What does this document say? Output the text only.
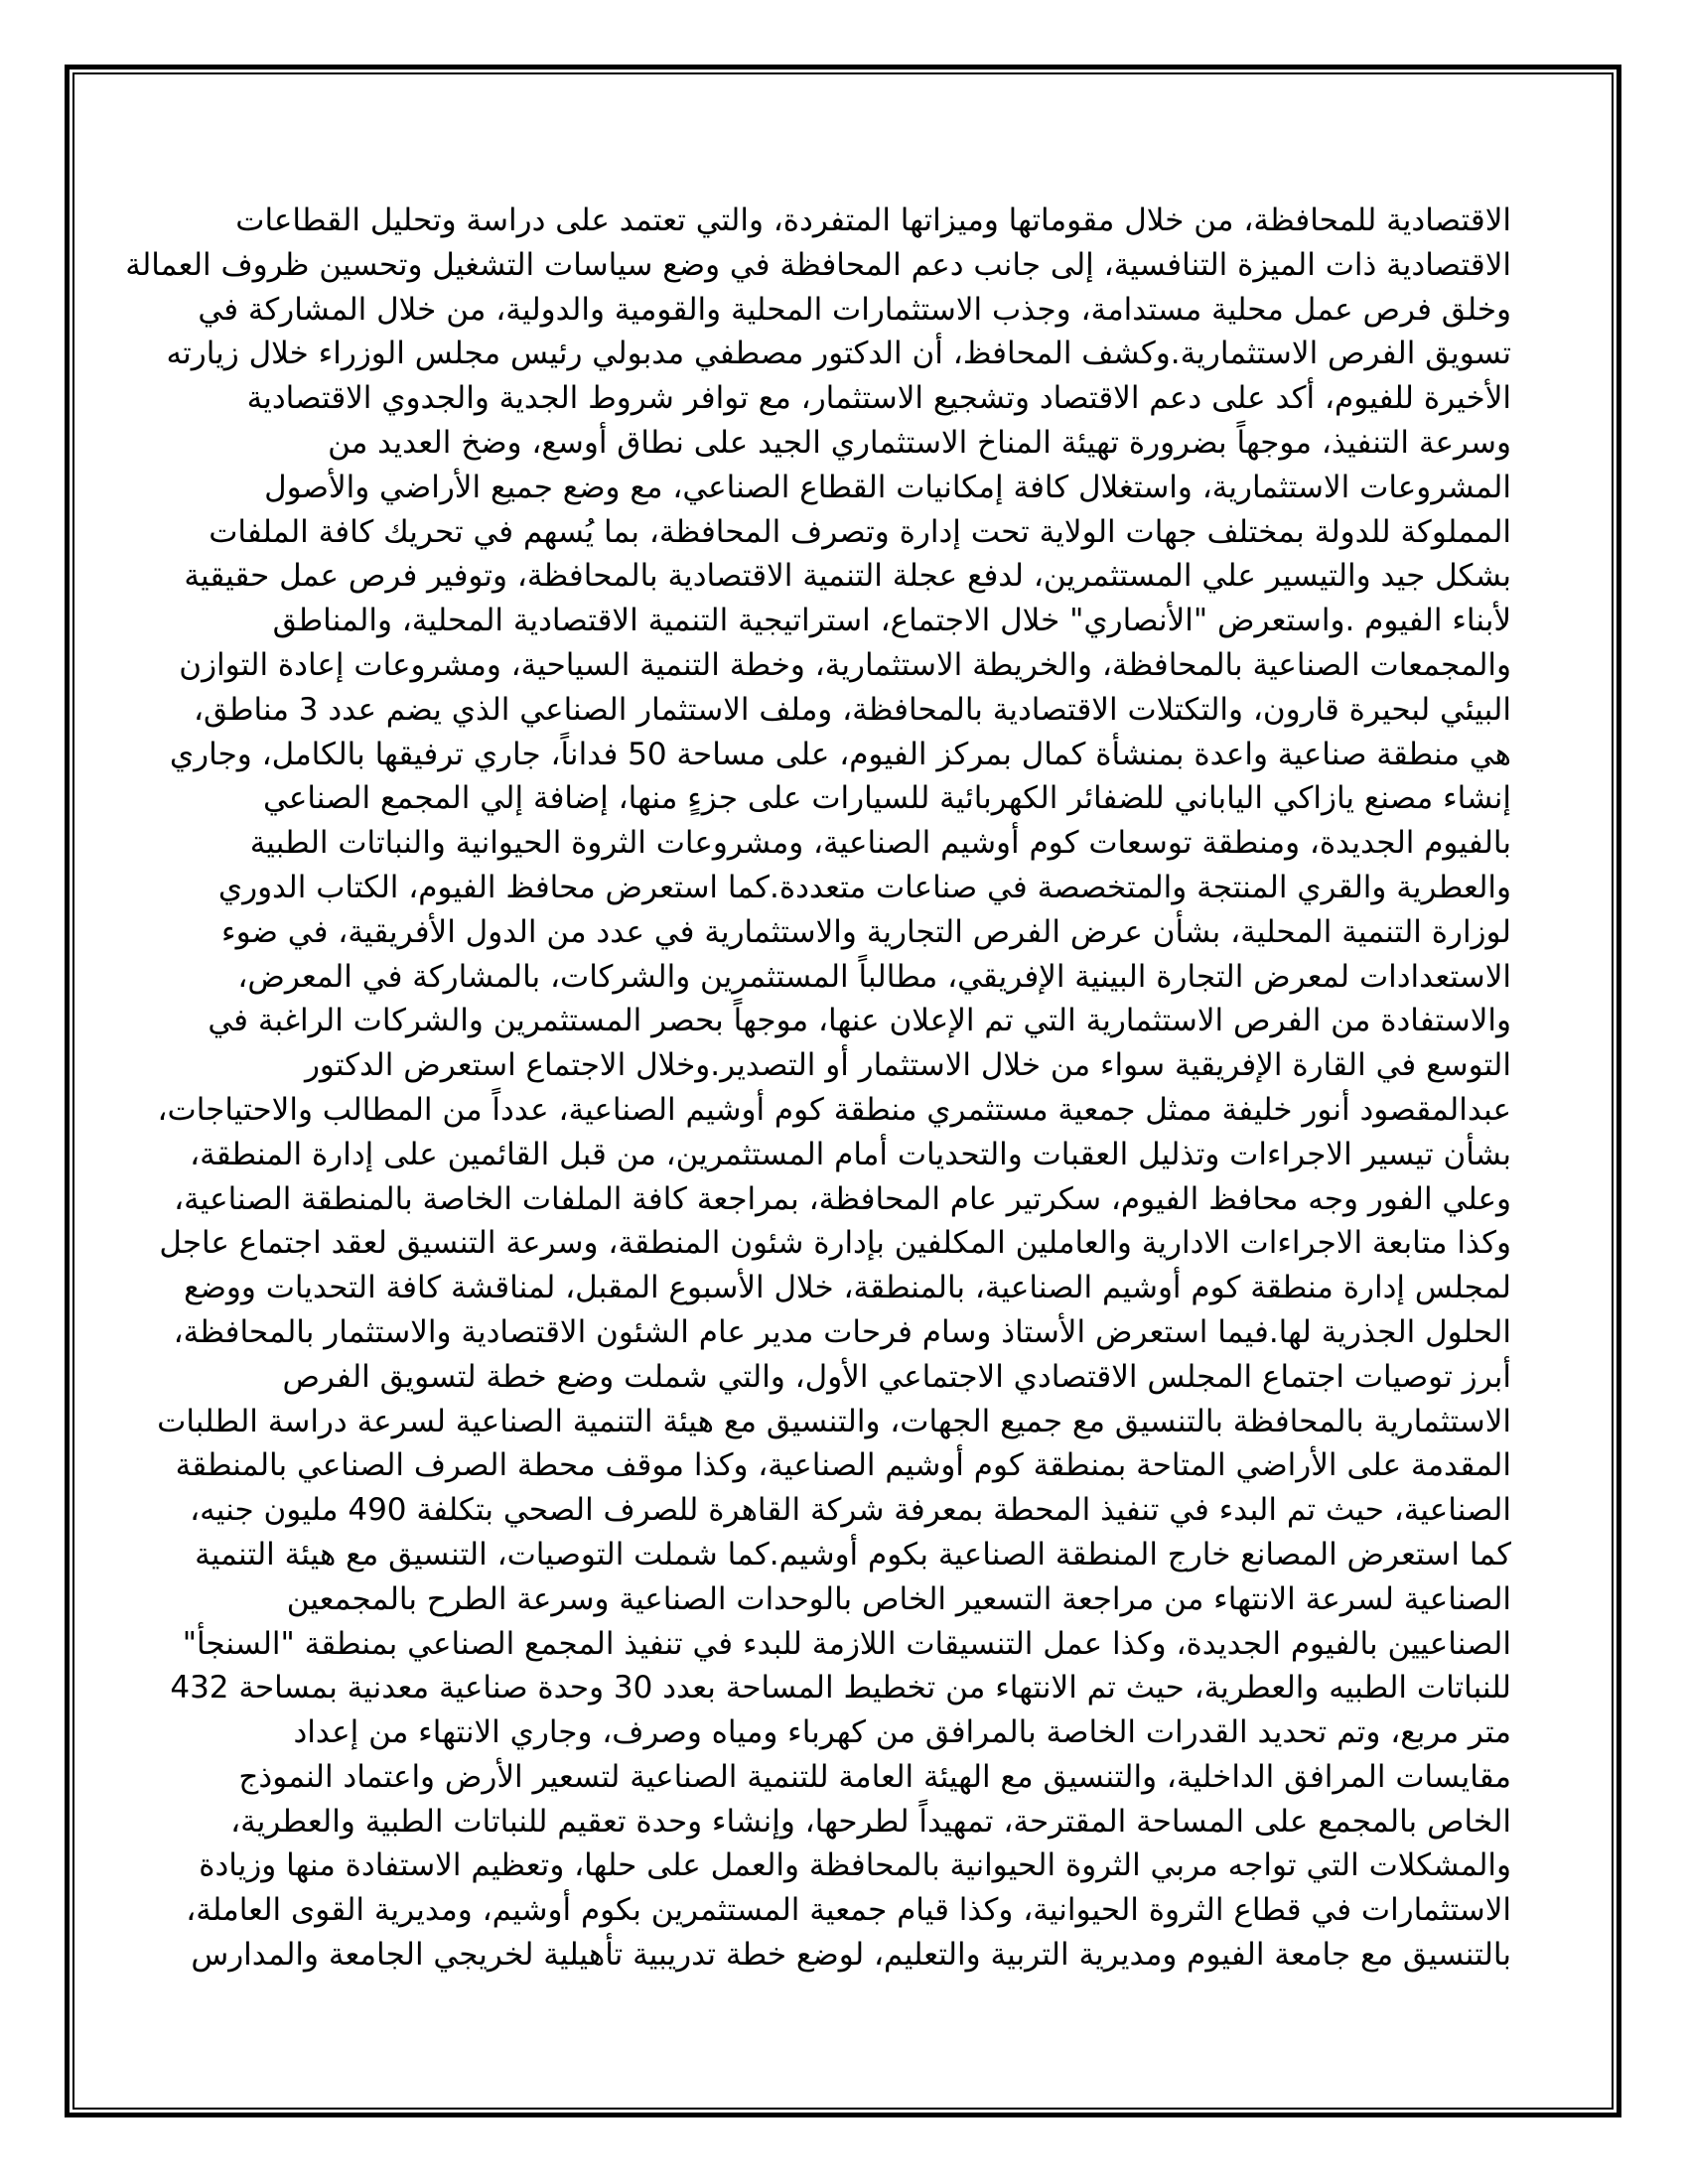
الاقتصادية للمحافظة، من خلال مقوماتها وميزاتها المتفردة، والتي تعتمد على دراسة وتحليل القطاعات
الاقتصادية ذات الميزة التنافسية، إلى جانب دعم المحافظة في وضع سياسات التشغيل وتحسين ظروف العمالة
وخلق فرص عمل محلية مستدامة، وجذب الاستثمارات المحلية والقومية والدولية، من خلال المشاركة في
تسويق الفرص الاستثمارية.وكشف المحافظ، أن الدكتور مصطفي مدبولي رئيس مجلس الوزراء خلال زيارته
الأخيرة للفيوم، أكد على دعم الاقتصاد وتشجيع الاستثمار، مع توافر شروط الجدية والجدوي الاقتصادية
وسرعة التنفيذ، موجهاً بضرورة تهيئة المناخ الاستثماري الجيد على نطاق أوسع، وضخ العديد من
المشروعات الاستثمارية، واستغلال كافة إمكانيات القطاع الصناعي، مع وضع جميع الأراضي والأصول
المملوكة للدولة بمختلف جهات الولاية تحت إدارة وتصرف المحافظة، بما يُسهم في تحريك كافة الملفات
بشكل جيد والتيسير علي المستثمرين، لدفع عجلة التنمية الاقتصادية بالمحافظة، وتوفير فرص عمل حقيقية
لأبناء الفيوم .واستعرض "الأنصاري" خلال الاجتماع، استراتيجية التنمية الاقتصادية المحلية، والمناطق
والمجمعات الصناعية بالمحافظة، والخريطة الاستثمارية، وخطة التنمية السياحية، ومشروعات إعادة التوازن
البيئي لبحيرة قارون، والتكتلات الاقتصادية بالمحافظة، وملف الاستثمار الصناعي الذي يضم عدد 3 مناطق،
هي منطقة صناعية واعدة بمنشأة كمال بمركز الفيوم، على مساحة 50 فداناً، جاري ترفيقها بالكامل، وجاري
إنشاء مصنع يازاكي الياباني للضفائر الكهربائية للسيارات على جزءٍ منها، إضافة إلي المجمع الصناعي
بالفيوم الجديدة، ومنطقة توسعات كوم أوشيم الصناعية، ومشروعات الثروة الحيوانية والنباتات الطبية
والعطرية والقري المنتجة والمتخصصة في صناعات متعددة.كما استعرض محافظ الفيوم، الكتاب الدوري
لوزارة التنمية المحلية، بشأن عرض الفرص التجارية والاستثمارية في عدد من الدول الأفريقية، في ضوء
الاستعدادات لمعرض التجارة البينية الإفريقي، مطالباً المستثمرين والشركات، بالمشاركة في المعرض،
والاستفادة من الفرص الاستثمارية التي تم الإعلان عنها، موجهاً بحصر المستثمرين والشركات الراغبة في
التوسع في القارة الإفريقية سواء من خلال الاستثمار أو التصدير.وخلال الاجتماع استعرض الدكتور
عبدالمقصود أنور خليفة ممثل جمعية مستثمري منطقة كوم أوشيم الصناعية، عدداً من المطالب والاحتياجات،
بشأن تيسير الاجراءات وتذليل العقبات والتحديات أمام المستثمرين، من قبل القائمين على إدارة المنطقة،
وعلي الفور وجه محافظ الفيوم، سكرتير عام المحافظة، بمراجعة كافة الملفات الخاصة بالمنطقة الصناعية،
وكذا متابعة الاجراءات الادارية والعاملين المكلفين بإدارة شئون المنطقة، وسرعة التنسيق لعقد اجتماع عاجل
لمجلس إدارة منطقة كوم أوشيم الصناعية، بالمنطقة، خلال الأسبوع المقبل، لمناقشة كافة التحديات ووضع
الحلول الجذرية لها.فيما استعرض الأستاذ وسام فرحات مدير عام الشئون الاقتصادية والاستثمار بالمحافظة،
أبرز توصيات اجتماع المجلس الاقتصادي الاجتماعي الأول، والتي شملت وضع خطة لتسويق الفرص
الاستثمارية بالمحافظة بالتنسيق مع جميع الجهات، والتنسيق مع هيئة التنمية الصناعية لسرعة دراسة الطلبات
المقدمة على الأراضي المتاحة بمنطقة كوم أوشيم الصناعية، وكذا موقف محطة الصرف الصناعي بالمنطقة
الصناعية، حيث تم البدء في تنفيذ المحطة بمعرفة شركة القاهرة للصرف الصحي بتكلفة 490 مليون جنيه،
كما استعرض المصانع خارج المنطقة الصناعية بكوم أوشيم.كما شملت التوصيات، التنسيق مع هيئة التنمية
الصناعية لسرعة الانتهاء من مراجعة التسعير الخاص بالوحدات الصناعية وسرعة الطرح بالمجمعين
الصناعيين بالفيوم الجديدة، وكذا عمل التنسيقات اللازمة للبدء في تنفيذ المجمع الصناعي بمنطقة "السنجأ"
للنباتات الطبيه والعطرية، حيث تم الانتهاء من تخطيط المساحة بعدد 30 وحدة صناعية معدنية بمساحة 432
متر مربع، وتم تحديد القدرات الخاصة بالمرافق من كهرباء ومياه وصرف، وجاري الانتهاء من إعداد
مقايسات المرافق الداخلية، والتنسيق مع الهيئة العامة للتنمية الصناعية لتسعير الأرض واعتماد النموذج
الخاص بالمجمع على المساحة المقترحة، تمهيداً لطرحها، وإنشاء وحدة تعقيم للنباتات الطبية والعطرية،
والمشكلات التي تواجه مربي الثروة الحيوانية بالمحافظة والعمل على حلها، وتعظيم الاستفادة منها وزيادة
الاستثمارات في قطاع الثروة الحيوانية، وكذا قيام جمعية المستثمرين بكوم أوشيم، ومديرية القوى العاملة،
بالتنسيق مع جامعة الفيوم ومديرية التربية والتعليم، لوضع خطة تدريبية تأهيلية لخريجي الجامعة والمدارس
